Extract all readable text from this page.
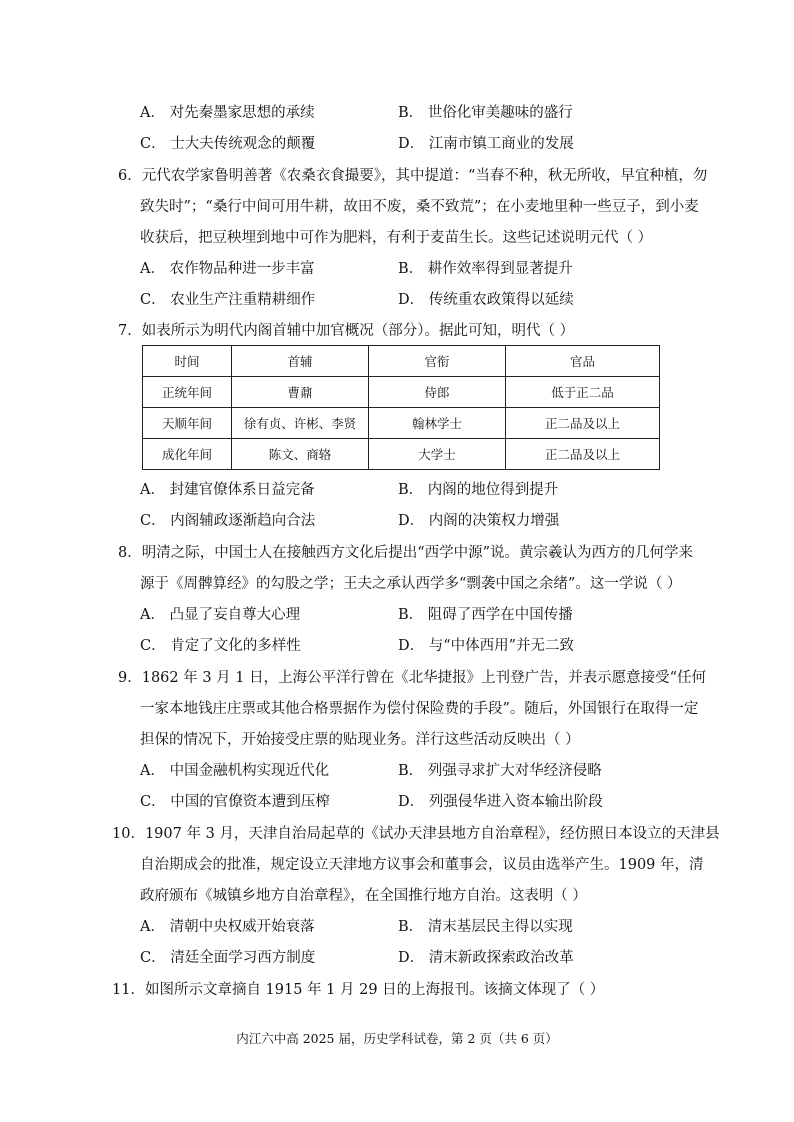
A． 对先秦墨家思想的承续	B． 世俗化审美趣味的盛行
C． 士大夫传统观念的颠覆	D． 江南市镇工商业的发展
6．元代农学家鲁明善著《农桑衣食撮要》，其中提道：“当春不种，秋无所收，早宜种植，勿
致失时”；“桑行中间可用牛耕，故田不废，桑不致荒”；在小麦地里种一些豆子，到小麦
收获后，把豆秧埋到地中可作为肥料，有利于麦苗生长。这些记述说明元代（ ）
A． 农作物品种进一步丰富	B． 耕作效率得到显著提升
C． 农业生产注重精耕细作	D． 传统重农政策得以延续
7．如表所示为明代内阁首辅中加官概况（部分）。据此可知，明代（ ）
时间	首辅	官衔	官品
正统年间	曹鼐	侍郎	低于正二品
天顺年间	徐有贞、许彬、李贤	翰林学士	正二品及以上
成化年间	陈文、商辂	大学士	正二品及以上
A． 封建官僚体系日益完备	B． 内阁的地位得到提升
C． 内阁辅政逐渐趋向合法	D． 内阁的决策权力增强
8．明清之际，中国士人在接触西方文化后提出“西学中源”说。黄宗羲认为西方的几何学来
源于《周髀算经》的勾股之学；王夫之承认西学多“剽袭中国之余绪”。这一学说（ ）
A． 凸显了妄自尊大心理	B． 阻碍了西学在中国传播
C． 肯定了文化的多样性	D． 与“中体西用”并无二致
9．1862 年 3 月 1 日，上海公平洋行曾在《北华捷报》上刊登广告，并表示愿意接受“任何
一家本地钱庄庄票或其他合格票据作为偿付保险费的手段”。随后，外国银行在取得一定
担保的情况下，开始接受庄票的贴现业务。洋行这些活动反映出（ ）
A． 中国金融机构实现近代化	B． 列强寻求扩大对华经济侵略
C． 中国的官僚资本遭到压榨	D． 列强侵华进入资本输出阶段
10．1907 年 3 月，天津自治局起草的《试办天津县地方自治章程》，经仿照日本设立的天津县
自治期成会的批准，规定设立天津地方议事会和董事会，议员由选举产生。1909 年，清
政府颁布《城镇乡地方自治章程》，在全国推行地方自治。这表明（ ）
A． 清朝中央权威开始衰落	B． 清末基层民主得以实现
C． 清廷全面学习西方制度	D． 清末新政探索政治改革
11．如图所示文章摘自 1915 年 1 月 29 日的上海报刊。该摘文体现了（ ）
内江六中高 2025 届，历史学科试卷，第 2 页（共 6 页）
